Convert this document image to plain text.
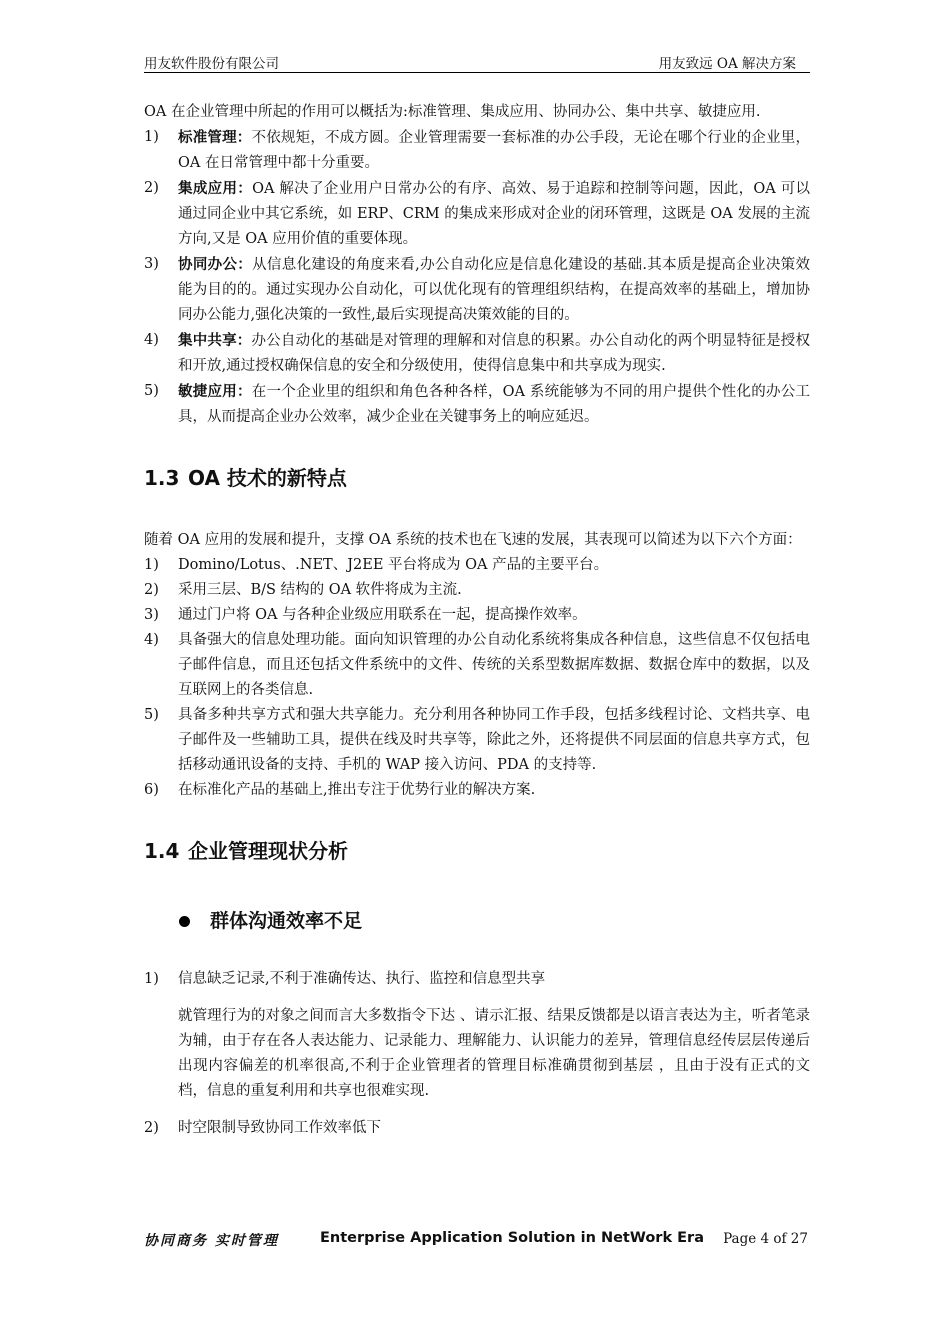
用友软件股份有限公司	用友致远 OA 解决方案

OA 在企业管理中所起的作用可以概括为:标准管理、集成应用、协同办公、集中共享、敏捷应用.

1) 标准管理：不依规矩，不成方圆。企业管理需要一套标准的办公手段，无论在哪个行业的企业里，OA 在日常管理中都十分重要。
2) 集成应用：OA 解决了企业用户日常办公的有序、高效、易于追踪和控制等问题，因此，OA 可以通过同企业中其它系统，如 ERP、CRM 的集成来形成对企业的闭环管理，这既是 OA 发展的主流方向,又是 OA 应用价值的重要体现。
3) 协同办公：从信息化建设的角度来看,办公自动化应是信息化建设的基础.其本质是提高企业决策效能为目的的。通过实现办公自动化，可以优化现有的管理组织结构，在提高效率的基础上，增加协同办公能力,强化决策的一致性,最后实现提高决策效能的目的。
4) 集中共享：办公自动化的基础是对管理的理解和对信息的积累。办公自动化的两个明显特征是授权和开放,通过授权确保信息的安全和分级使用，使得信息集中和共享成为现实.
5) 敏捷应用：在一个企业里的组织和角色各种各样，OA 系统能够为不同的用户提供个性化的办公工具，从而提高企业办公效率，减少企业在关键事务上的响应延迟。
1.3 OA 技术的新特点

随着 OA 应用的发展和提升，支撑 OA 系统的技术也在飞速的发展，其表现可以简述为以下六个方面：

1) Domino/Lotus、.NET、J2EE 平台将成为 OA 产品的主要平台。
2) 采用三层、B/S 结构的 OA 软件将成为主流.
3) 通过门户将 OA 与各种企业级应用联系在一起，提高操作效率。
4) 具备强大的信息处理功能。面向知识管理的办公自动化系统将集成各种信息，这些信息不仅包括电子邮件信息，而且还包括文件系统中的文件、传统的关系型数据库数据、数据仓库中的数据，以及互联网上的各类信息.
5) 具备多种共享方式和强大共享能力。充分利用各种协同工作手段，包括多线程讨论、文档共享、电子邮件及一些辅助工具，提供在线及时共享等，除此之外，还将提供不同层面的信息共享方式，包括移动通讯设备的支持、手机的 WAP 接入访问、PDA 的支持等.
6) 在标准化产品的基础上,推出专注于优势行业的解决方案.
1.4 企业管理现状分析
群体沟通效率不足
1) 信息缺乏记录,不利于准确传达、执行、监控和信息型共享

就管理行为的对象之间而言大多数指令下达 、请示汇报、结果反馈都是以语言表达为主，听者笔录为辅，由于存在各人表达能力、记录能力、理解能力、认识能力的差异，管理信息经传层层传递后出现内容偏差的机率很高,不利于企业管理者的管理目标准确贯彻到基层 ，且由于没有正式的文档，信息的重复利用和共享也很难实现.

2) 时空限制导致协同工作效率低下
协同商务 实时管理	Enterprise Application Solution in NetWork Era Page 4 of 27
